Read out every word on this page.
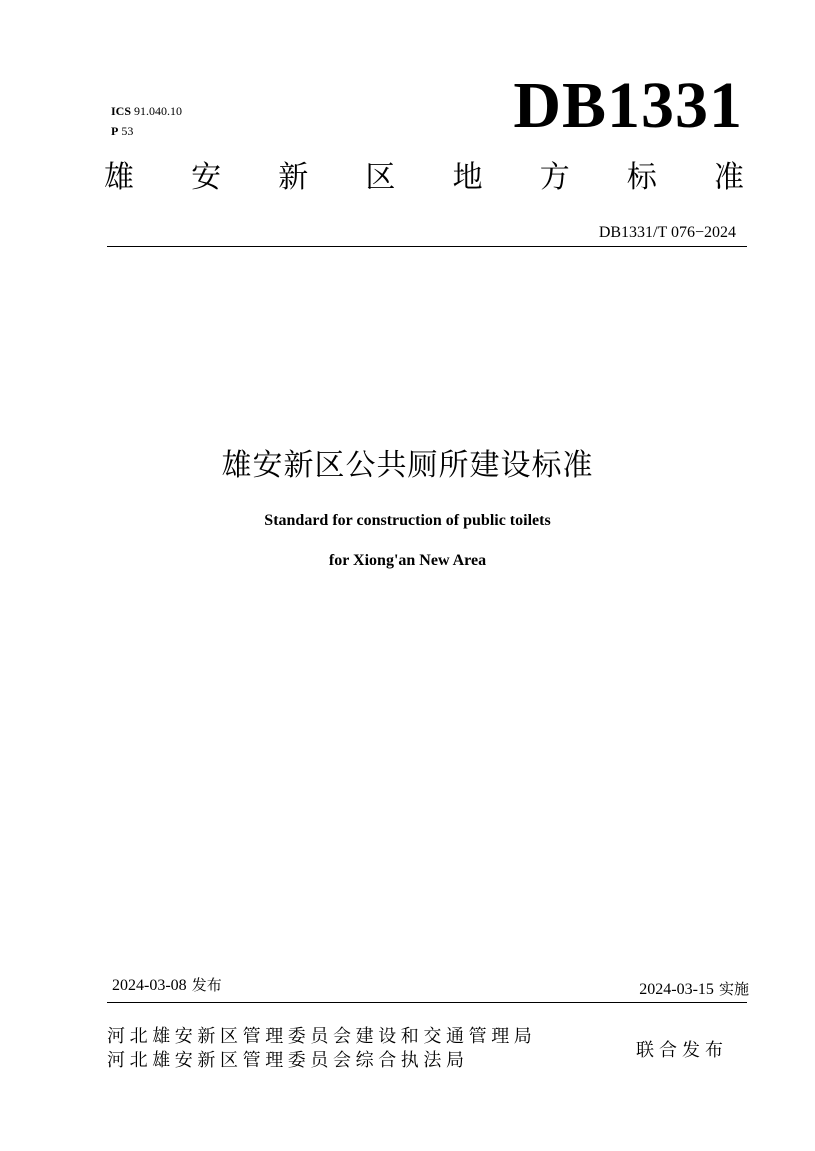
ICS 91.040.10
P 53	DB1331
雄 安 新 区 地 方 标 准
DB1331/T 076−2024
雄安新区公共厕所建设标准
Standard for construction of public toilets
for Xiong'an New Area
2024-03-08 发布	2024-03-15 实施
河北雄安新区管理委员会建设和交通管理局
河北雄安新区管理委员会综合执法局	联合发布
